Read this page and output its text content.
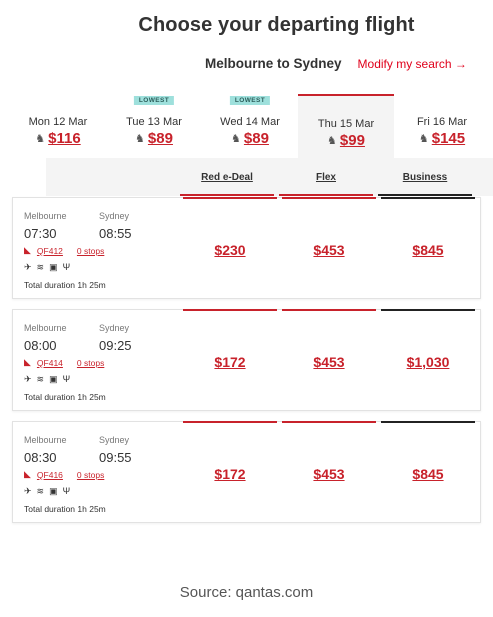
Choose your departing flight
Melbourne to Sydney Modify my search →
Mon 12 Mar
♞ $116
LOWEST
Tue 13 Mar
♞ $89
LOWEST
Wed 14 Mar
♞ $89
Thu 15 Mar
♞ $99
Fri 16 Mar
♞ $145
Red e-Deal	Flex	Business
Melbourne	Sydney
07:30	08:55
◣ QF412 0 stops
✈ ≋ ▣ Ψ
Total duration 1h 25m
$230	$453	$845
Melbourne	Sydney
08:00	09:25
◣ QF414 0 stops
✈ ≋ ▣ Ψ
Total duration 1h 25m
$172	$453	$1,030
Melbourne	Sydney
08:30	09:55
◣ QF416 0 stops
✈ ≋ ▣ Ψ
Total duration 1h 25m
$172	$453	$845
Source: qantas.com
